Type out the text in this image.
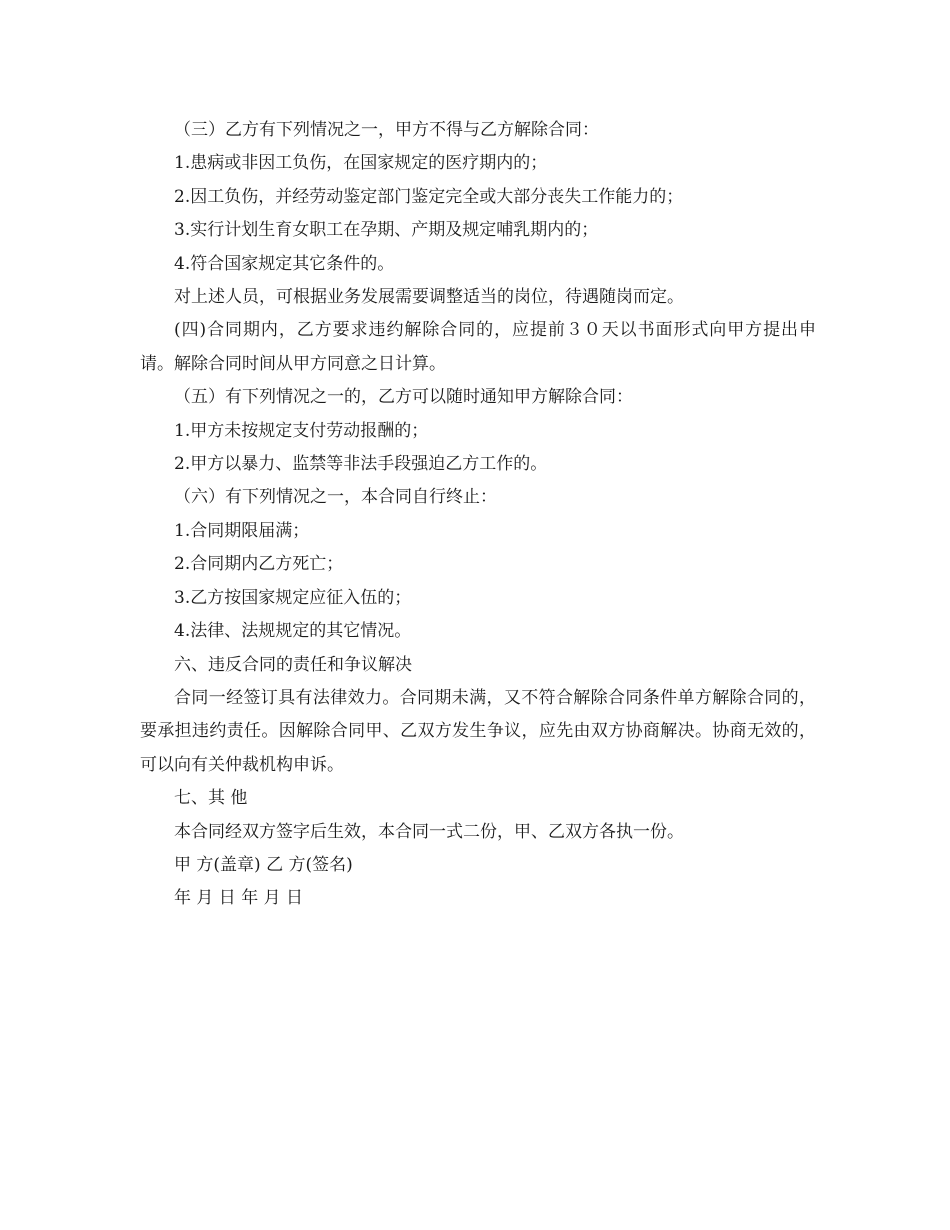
（三）乙方有下列情况之一，甲方不得与乙方解除合同：

1.患病或非因工负伤，在国家规定的医疗期内的；

2.因工负伤，并经劳动鉴定部门鉴定完全或大部分丧失工作能力的；

3.实行计划生育女职工在孕期、产期及规定哺乳期内的；

4.符合国家规定其它条件的。

对上述人员，可根据业务发展需要调整适当的岗位，待遇随岗而定。

(四)合同期内，乙方要求违约解除合同的，应提前３０天以书面形式向甲方提出申请。解除合同时间从甲方同意之日计算。

（五）有下列情况之一的，乙方可以随时通知甲方解除合同：

1.甲方未按规定支付劳动报酬的；

2.甲方以暴力、监禁等非法手段强迫乙方工作的。

（六）有下列情况之一，本合同自行终止：

1.合同期限届满；

2.合同期内乙方死亡；

3.乙方按国家规定应征入伍的；

4.法律、法规规定的其它情况。

六、违反合同的责任和争议解决

合同一经签订具有法律效力。合同期未满，又不符合解除合同条件单方解除合同的，要承担违约责任。因解除合同甲、乙双方发生争议，应先由双方协商解决。协商无效的，可以向有关仲裁机构申诉。

七、其 他

本合同经双方签字后生效，本合同一式二份，甲、乙双方各执一份。

甲 方(盖章) 乙 方(签名)

年 月 日 年 月 日
